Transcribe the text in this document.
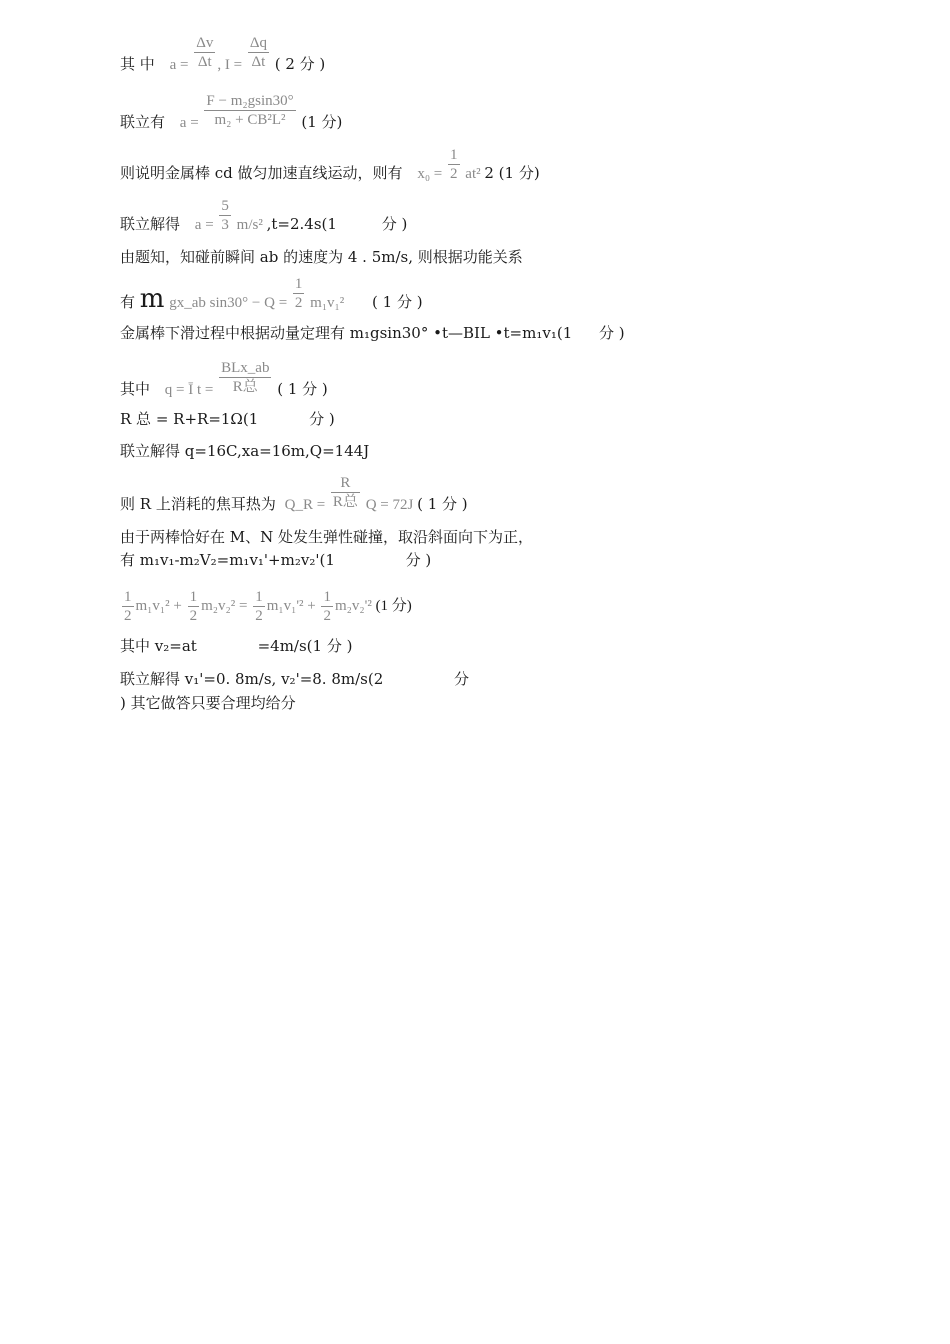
其 中 $a = \frac{\Delta v}{\Delta t}$ , $I = \frac{\Delta q}{\Delta t}$ ( 2 分 )
联立有 $a = \frac{\text{F − m₂gsin30°}}{\text{m₂ + CB²L²}} (1$ 分)
则说明金属棒 cd 做匀加速直线运动，则有 $x_0 = \frac{1}{2} at^2$ 2 (1 分)
联立解得 $a = \frac{5}{3} m/s^2$ ,t=2.4s(1	分 )
由题知，知碰前瞬间 ab 的速度为 4 . 5m/s, 则根据功能关系
有 m gx_ab $\sin 30^\circ - Q = \frac{1}{2} m_1v_1^2$ ( 1 分 )
金属棒下滑过程中根据动量定理有 m₁gsin30° •t—BIL •t=m₁v₁(1 分 )
其中 q = Ī $t = \frac{\text{BLx\_ab}}{\text{R总}}$ ( 1 分 )
R 总 = R+R=1Ω(1	分 )
联立解得 q=16C,xa=16m,Q=144J
则 R 上消耗的焦耳热为 Q_R = $\frac{R}{\text{R总}}$ Q = 72J ( 1 分 )
由于两棒恰好在 M、N 处发生弹性碰撞，取沿斜面向下为正，
有 m₁v₁-m₂V₂=m₁v₁'+m₂v₂'(1	分 )
$\frac{1}{2} m_1v_1^2 + \frac{1}{2} m_2v_2^2 = \frac{1}{2} m_1v_1'^2 + \frac{1}{2} m_2v_2'^2$ (1 分)
其中 v₂=at	=4m/s(1 分 )
联立解得 v₁'=0. 8m/s, v₂'=8. 8m/s(2	分
) 其它做答只要合理均给分
